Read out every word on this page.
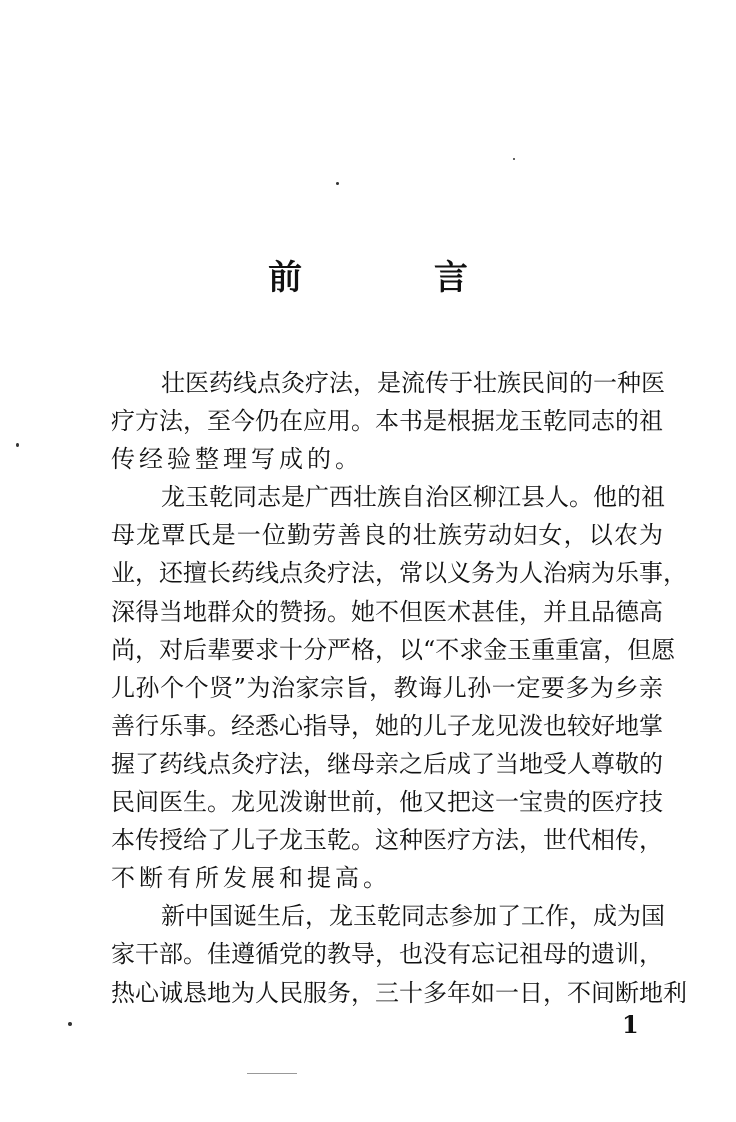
前 言
壮医药线点灸疗法，是流传于壮族民间的一种医
疗方法，至今仍在应用。本书是根据龙玉乾同志的祖
传经验整理写成的。
龙玉乾同志是广西壮族自治区柳江县人。他的祖
母龙覃氏是一位勤劳善良的壮族劳动妇女，以农为
业，还擅长药线点灸疗法，常以义务为人治病为乐事，
深得当地群众的赞扬。她不但医术甚佳，并且品德高
尚，对后辈要求十分严格，以“不求金玉重重富，但愿
儿孙个个贤”为治家宗旨，教诲儿孙一定要多为乡亲
善行乐事。经悉心指导，她的儿子龙见泼也较好地掌
握了药线点灸疗法，继母亲之后成了当地受人尊敬的
民间医生。龙见泼谢世前，他又把这一宝贵的医疗技
本传授给了儿子龙玉乾。这种医疗方法，世代相传，
不断有所发展和提高。
新中国诞生后，龙玉乾同志参加了工作，成为国
家干部。佳遵循党的教导，也没有忘记祖母的遗训，
热心诚恳地为人民服务，三十多年如一日，不间断地利
1
